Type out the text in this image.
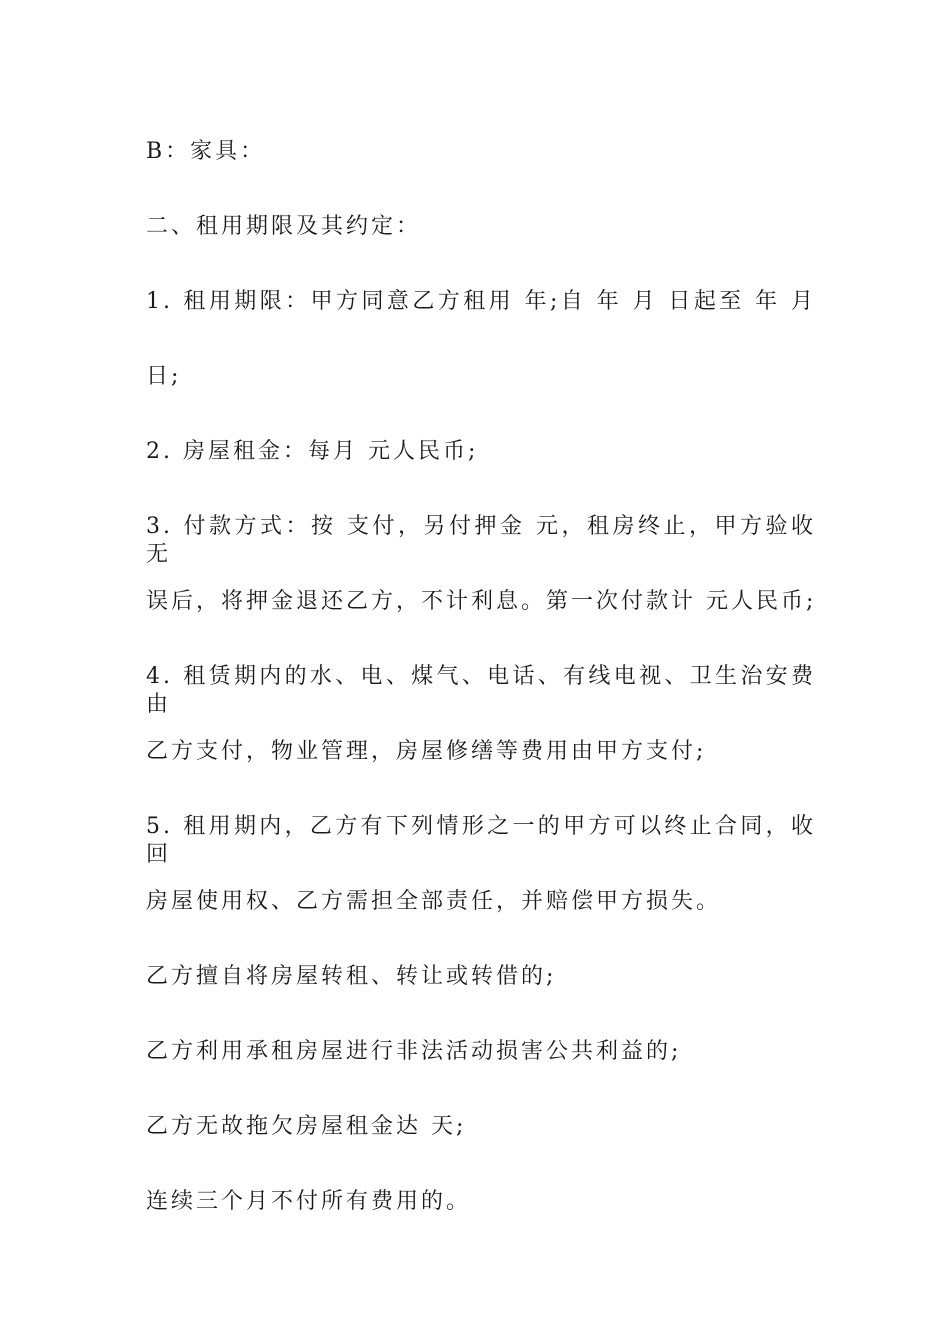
B：家具：
二、租用期限及其约定：
1. 租用期限：甲方同意乙方租用 年;自 年 月 日起至 年 月
日;
2. 房屋租金：每月 元人民币;
3. 付款方式：按 支付，另付押金 元，租房终止，甲方验收无
误后，将押金退还乙方，不计利息。第一次付款计 元人民币;
4. 租赁期内的水、电、煤气、电话、有线电视、卫生治安费由
乙方支付，物业管理，房屋修缮等费用由甲方支付;
5. 租用期内，乙方有下列情形之一的甲方可以终止合同，收回
房屋使用权、乙方需担全部责任，并赔偿甲方损失。
乙方擅自将房屋转租、转让或转借的;
乙方利用承租房屋进行非法活动损害公共利益的;
乙方无故拖欠房屋租金达 天;
连续三个月不付所有费用的。
